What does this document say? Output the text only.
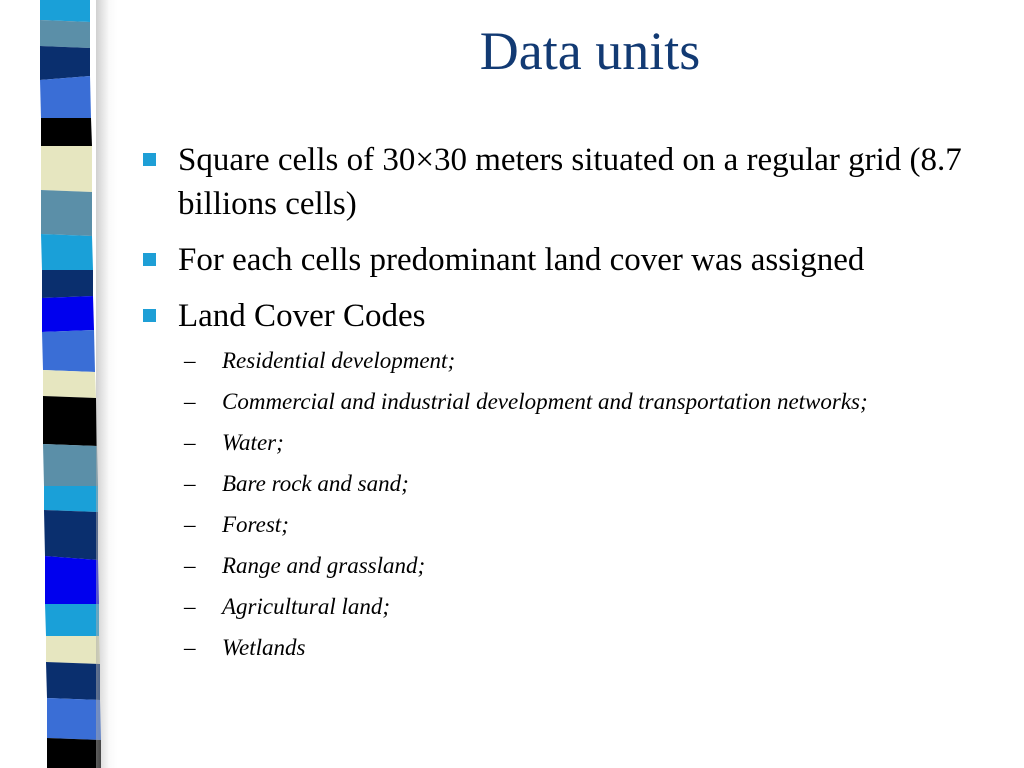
Data units
Square cells of 30×30 meters situated on a regular grid (8.7 billions cells)
For each cells predominant land cover was assigned
Land Cover Codes
– Residential development;
– Commercial and industrial development and transportation networks;
– Water;
– Bare rock and sand;
– Forest;
– Range and grassland;
– Agricultural land;
– Wetlands
